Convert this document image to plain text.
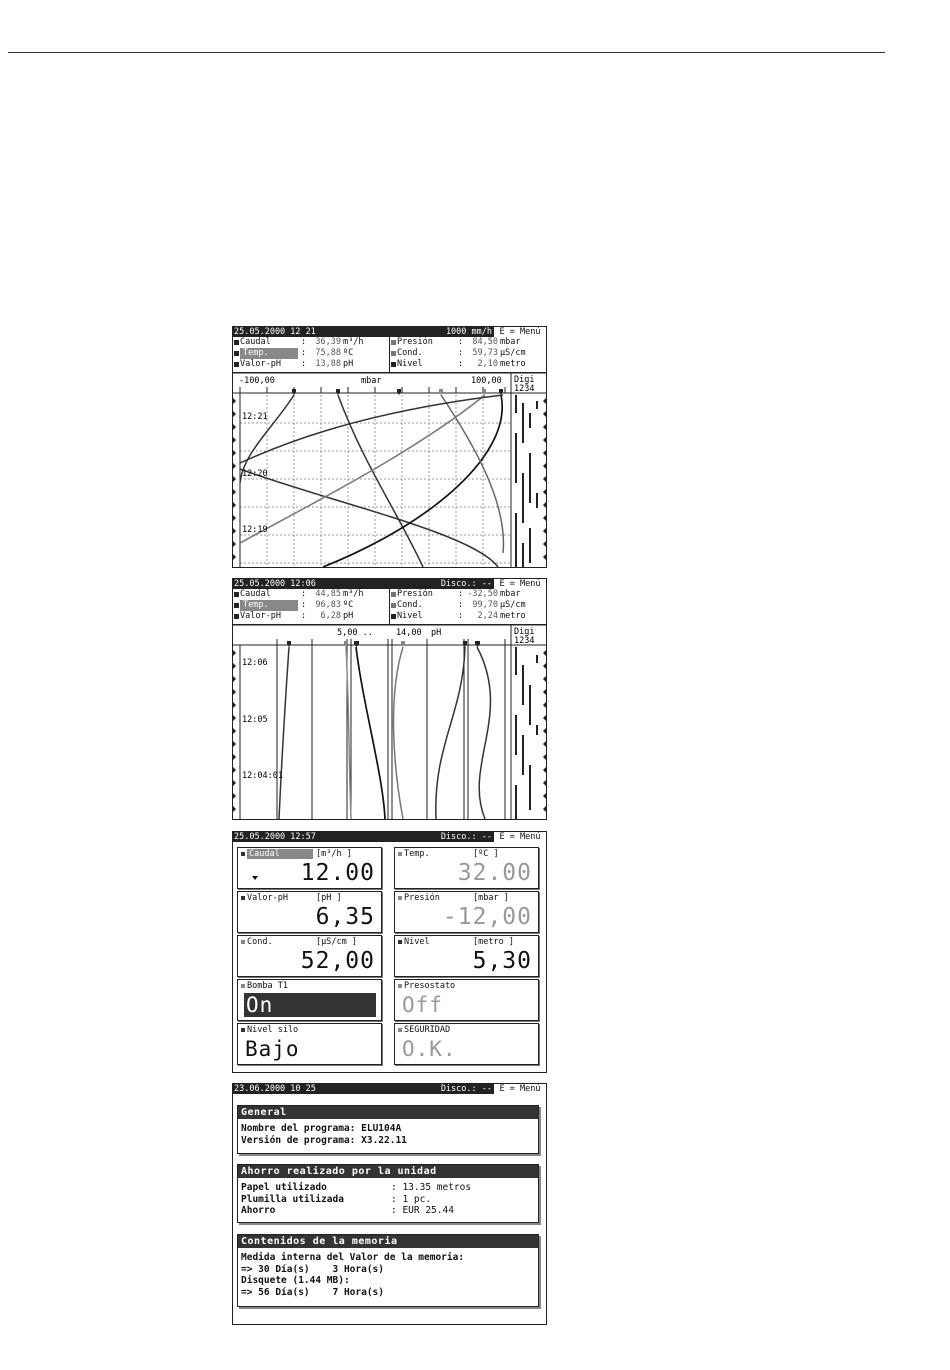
25.05.2000 12 21	1000 mm/h E = Menú
Caudal	:	36,39 m³/h
Temp.	:	75,88 ºC
Valor-pH :	13,88 pH
Presión	:	84,50 mbar
Cond.	:	59,73 µS/cm
Nivel	:	2,10 metro
-100,00	mbar	100,00 Digi
1234
12:21
12:20
12:19
25.05.2000 12:06	Disco.: -- E = Menú
Caudal	:	44,85 m³/h
Temp.	:	96,83 ºC
Valor-pH :	6,28 pH
Presión	: -32,50 mbar
Cond.	:	99,70 µS/cm
Nivel	:	2,24 metro
5,00 ..	14,00 pH	Digi
1234
12:06
12:05
12:04:01
25.05.2000 12:57	Disco.: -- E = Menú
Caudal	[m³/h ]
12.00
Temp.	[ºC ]
32.00
Valor-pH	[pH ]
6,35
Presión	[mbar ]
-12,00
Cond.	[µS/cm ]
52,00
Nivel	[metro ]
5,30
Bomba T1
On
Presostato
Off
Nivel silo
Bajo
SEGURIDAD
O.K.
23.06.2000 10 25	Disco.: -- E = Menú
General
Nombre del programa: ELU104A
Versión de programa: X3.22.11
Ahorro realizado por la unidad
Papel utilizado	: 13.35 metros
Plumilla utilizada	: 1 pc.
Ahorro	: EUR 25.44
Contenidos de la memoria
Medida interna del Valor de la memoria:
=> 30 Día(s)    3 Hora(s)
Disquete (1.44 MB):
=> 56 Día(s)    7 Hora(s)
